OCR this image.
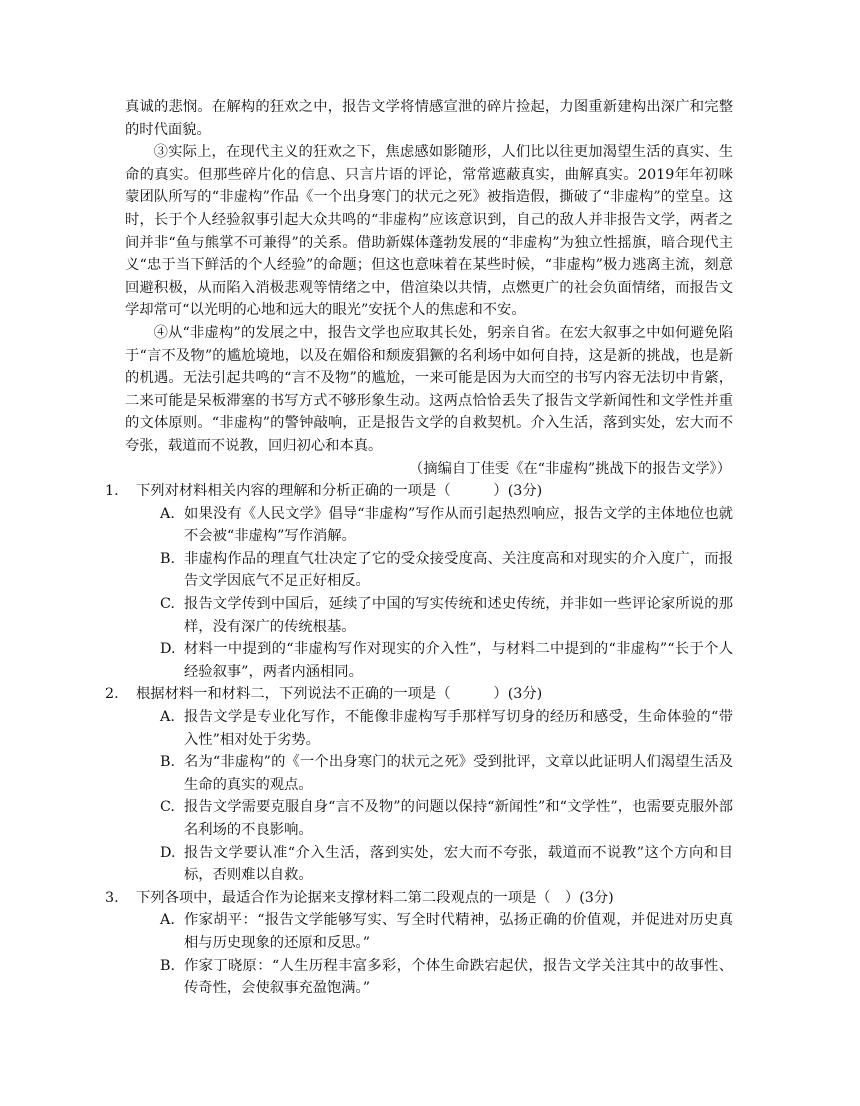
真诚的悲悯。在解构的狂欢之中，报告文学将情感宣泄的碎片捡起，力图重新建构出深广和完整的时代面貌。

③实际上，在现代主义的狂欢之下，焦虑感如影随形，人们比以往更加渴望生活的真实、生命的真实。但那些碎片化的信息、只言片语的评论，常常遮蔽真实，曲解真实。2019年年初咪蒙团队所写的“非虚构”作品《一个出身寒门的状元之死》被指造假，撕破了“非虚构”的堂皇。这时，长于个人经验叙事引起大众共鸣的“非虚构”应该意识到，自己的敌人并非报告文学，两者之间并非“鱼与熊掌不可兼得”的关系。借助新媒体蓬勃发展的“非虚构”为独立性摇旗，暗合现代主义“忠于当下鲜活的个人经验”的命题；但这也意味着在某些时候，“非虚构”极力逃离主流，刻意回避积极，从而陷入消极悲观等情绪之中，借渲染以共情，点燃更广的社会负面情绪，而报告文学却常可“以光明的心地和远大的眼光”安抚个人的焦虑和不安。

④从“非虚构”的发展之中，报告文学也应取其长处，躬亲自省。在宏大叙事之中如何避免陷于“言不及物”的尴尬境地，以及在媚俗和颓废猖獗的名利场中如何自持，这是新的挑战，也是新的机遇。无法引起共鸣的“言不及物”的尴尬，一来可能是因为大而空的书写内容无法切中肯綮，二来可能是呆板滞塞的书写方式不够形象生动。这两点恰恰丢失了报告文学新闻性和文学性并重的文体原则。“非虚构”的警钟敲响，正是报告文学的自救契机。介入生活，落到实处，宏大而不夸张，载道而不说教，回归初心和本真。

（摘编自丁佳雯《在“非虚构”挑战下的报告文学》）

1.	下列对材料相关内容的理解和分析正确的一项是（　　　）(3分)

A. 如果没有《人民文学》倡导“非虚构”写作从而引起热烈响应，报告文学的主体地位也就不会被“非虚构”写作消解。
B. 非虚构作品的理直气壮决定了它的受众接受度高、关注度高和对现实的介入度广，而报告文学因底气不足正好相反。
C. 报告文学传到中国后，延续了中国的写实传统和述史传统，并非如一些评论家所说的那样，没有深广的传统根基。
D. 材料一中提到的“非虚构写作对现实的介入性”，与材料二中提到的“非虚构”“长于个人经验叙事”，两者内涵相同。

2.	根据材料一和材料二，下列说法不正确的一项是（　　　）(3分)

A. 报告文学是专业化写作，不能像非虚构写手那样写切身的经历和感受，生命体验的“带入性”相对处于劣势。
B. 名为“非虚构”的《一个出身寒门的状元之死》受到批评，文章以此证明人们渴望生活及生命的真实的观点。
C. 报告文学需要克服自身“言不及物”的问题以保持“新闻性”和“文学性”，也需要克服外部名利场的不良影响。
D. 报告文学要认准“介入生活，落到实处，宏大而不夸张，载道而不说教”这个方向和目标，否则难以自救。

3.	下列各项中，最适合作为论据来支撑材料二第二段观点的一项是（　）(3分)

A. 作家胡平：“报告文学能够写实、写全时代精神，弘扬正确的价值观，并促进对历史真相与历史现象的还原和反思。”
B. 作家丁晓原：“人生历程丰富多彩，个体生命跌宕起伏，报告文学关注其中的故事性、传奇性，会使叙事充盈饱满。”
